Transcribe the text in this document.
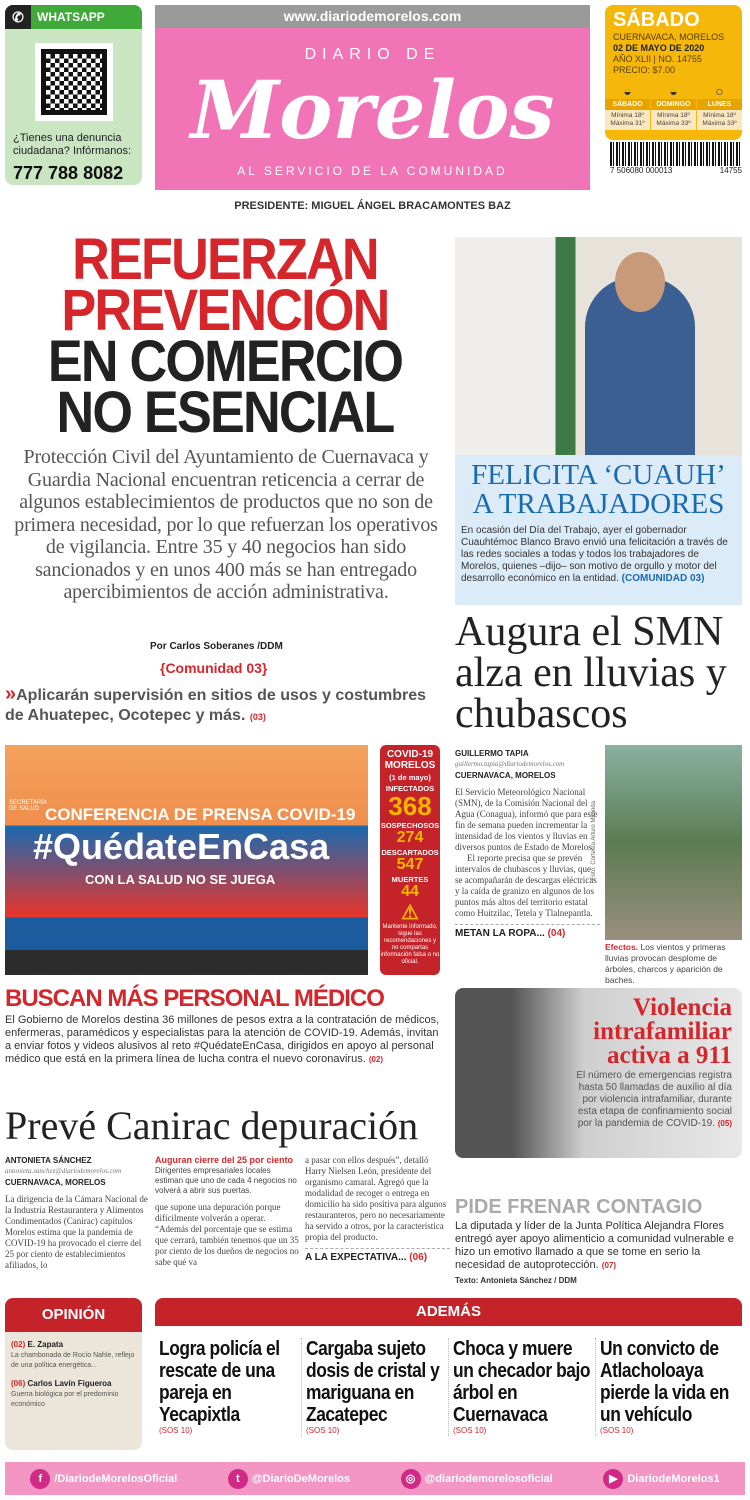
✆	WHATSAPP
¿Tienes una denuncia ciudadana? Infórmanos:
777 788 8082
www.diariodemorelos.com
DIARIO DE
Morelos
AL SERVICIO DE LA COMUNIDAD
SÁBADO
CUERNAVACA, MORELOS
02 DE MAYO DE 2020
AÑO XLII | NO. 14755
PRECIO: $7.00
◒
SÁBADO
Mínima 18º
Máxima 31º
◒
DOMINGO
Mínima 18º
Máxima 33º
○
LUNES
Mínima 18º
Máxima 33º
7 506080 000013	14755
PRESIDENTE: MIGUEL ÁNGEL BRACAMONTES BAZ
REFUERZAN
PREVENCIÓN
EN COMERCIO
NO ESENCIAL
Protección Civil del Ayuntamiento de Cuernavaca y Guardia Nacional encuentran reticencia a cerrar de algunos establecimientos de productos que no son de primera necesidad, por lo que refuerzan los operativos de vigilancia. Entre 35 y 40 negocios han sido sancionados y en unos 400 más se han entregado apercibimientos de acción administrativa.
Por Carlos Soberanes /DDM
{Comunidad 03}
»Aplicarán supervisión en sitios de usos y costumbres de Ahuatepec, Ocotepec y más. (03)
SECRETARÍA DE SALUD CONFERENCIA DE PRENSA COVID-19
#QuédateEnCasa
CON LA SALUD NO SE JUEGA
COVID-19 MORELOS
(1 de mayo)
INFECTADOS
368
SOSPECHOSOS
274
DESCARTADOS
547
MUERTES
44
⚠
Mantente informado, sigue las recomendaciones y no compartas información falsa o no oficial.
FELICITA ‘CUAUH’ A TRABAJADORES
En ocasión del Día del Trabajo, ayer el gobernador Cuauhtémoc Blanco Bravo envió una felicitación a través de las redes sociales a todas y todos los trabajadores de Morelos, quienes –dijo– son motivo de orgullo y motor del desarrollo económico en la entidad. (COMUNIDAD 03)
Augura el SMN alza en lluvias y chubascos
GUILLERMO TAPIA
guillermo.tapia@diariodemorelos.com
CUERNAVACA, MORELOS

El Servicio Meteorológico Nacional (SMN), de la Comisión Nacional del Agua (Conagua), informó que para este fin de semana pueden incrementar la intensidad de los vientos y lluvias en diversos puntos de Estado de Morelos.

El reporte precisa que se prevén intervalos de chubascos y lluvias, que se acompañarán de descargas eléctricas y la caída de granizo en algunos de los puntos más altos del territorio estatal como Huitzilac, Tetela y Tlalnepantla.

METAN LA ROPA... (04)
Foto: Cortesía Arturo Miranda
Efectos. Los vientos y primeras lluvias provocan desplome de árboles, charcos y aparición de baches.
BUSCAN MÁS PERSONAL MÉDICO
El Gobierno de Morelos destina 36 millones de pesos extra a la contratación de médicos, enfermeras, paramédicos y especialistas para la atención de COVID-19. Además, invitan a enviar fotos y videos alusivos al reto #QuédateEnCasa, dirigidos en apoyo al personal médico que está en la primera línea de lucha contra el nuevo coronavirus. (02)
Violencia intrafamiliar activa a 911
El número de emergencias registra hasta 50 llamadas de auxilio al día por violencia intrafamiliar, durante esta etapa de confinamiento social por la pandemia de COVID-19. (05)
Prevé Canirac depuración
ANTONIETA SÁNCHEZ
antonieta.sanchez@diariodemorelos.com
CUERNAVACA, MORELOS

La dirigencia de la Cámara Nacional de la Industria Restaurantera y Alimentos Condimentados (Canirac) capítulos Morelos estima que la pandemia de COVID-19 ha provocado el cierre del 25 por ciento de establecimientos afiliados, lo

Auguran cierre del 25 por ciento
Dirigentes empresariales locales estiman que uno de cada 4 negocios no volverá a abrir sus puertas.

que supone una depuración porque difícilmente volverán a operar. “Además del porcentaje que se estima que cerrará, también tenemos que un 35 por ciento de los dueños de negocios no sabe qué va

a pasar con ellos después”, detalló Harry Nielsen León, presidente del organismo camaral. Agregó que la modalidad de recoger o entrega en domicilio ha sido positiva para algunos restauranteros, pero no necesariamente ha servido a otros, por la característica propia del producto.

A LA EXPECTATIVA... (06)
PIDE FRENAR CONTAGIO
La diputada y líder de la Junta Política Alejandra Flores entregó ayer apoyo alimenticio a comunidad vulnerable e hizo un emotivo llamado a que se tome en serio la necesidad de autoprotección. (07)
Texto: Antonieta Sánchez / DDM
OPINIÓN
(02) E. Zapata
La chambonada de Rocío Nahle, reflejo de una política energética...
(06) Carlos Lavín Figueroa
Guerra biológica por el predominio económico
ADEMÁS
Logra policía el rescate de una pareja en Yecapixtla
(SOS 10)
Cargaba sujeto dosis de cristal y mariguana en Zacatepec
(SOS 10)
Choca y muere un checador bajo árbol en Cuernavaca
(SOS 10)
Un convicto de Atlacholoaya pierde la vida en un vehículo
(SOS 10)
f /DiariodeMorelosOficial	t @DiarioDeMorelos	◎ @diariodemorelosoficial	▶ DiariodeMorelos1
